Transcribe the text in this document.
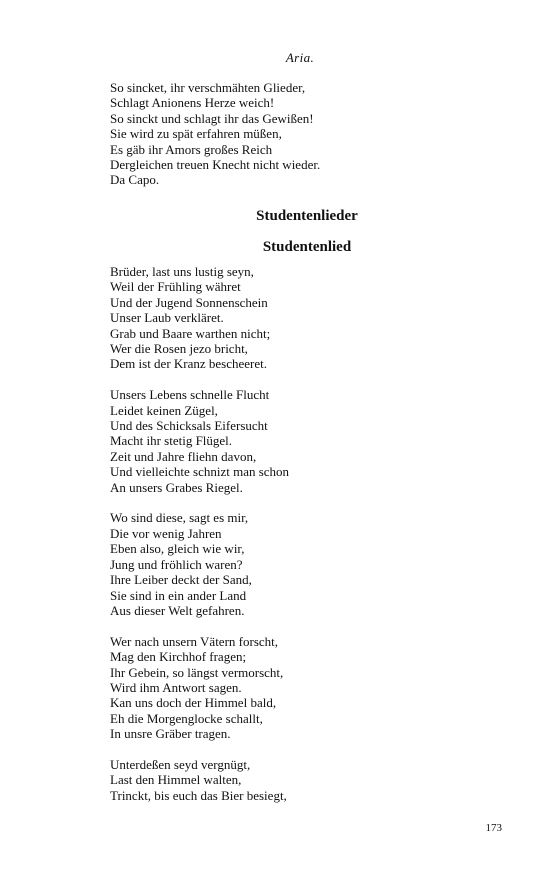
Aria.
So sincket, ihr verschmähten Glieder,
Schlagt Anionens Herze weich!
So sinckt und schlagt ihr das Gewißen!
Sie wird zu spät erfahren müßen,
Es gäb ihr Amors großes Reich
Dergleichen treuen Knecht nicht wieder.
Da Capo.
Studentenlieder
Studentenlied
Brüder, last uns lustig seyn,
Weil der Frühling währet
Und der Jugend Sonnenschein
Unser Laub verkläret.
Grab und Baare warthen nicht;
Wer die Rosen jezo bricht,
Dem ist der Kranz bescheeret.
Unsers Lebens schnelle Flucht
Leidet keinen Zügel,
Und des Schicksals Eifersucht
Macht ihr stetig Flügel.
Zeit und Jahre fliehn davon,
Und vielleichte schnizt man schon
An unsers Grabes Riegel.
Wo sind diese, sagt es mir,
Die vor wenig Jahren
Eben also, gleich wie wir,
Jung und fröhlich waren?
Ihre Leiber deckt der Sand,
Sie sind in ein ander Land
Aus dieser Welt gefahren.
Wer nach unsern Vätern forscht,
Mag den Kirchhof fragen;
Ihr Gebein, so längst vermorscht,
Wird ihm Antwort sagen.
Kan uns doch der Himmel bald,
Eh die Morgenglocke schallt,
In unsre Gräber tragen.
Unterdeßen seyd vergnügt,
Last den Himmel walten,
Trinckt, bis euch das Bier besiegt,
173
